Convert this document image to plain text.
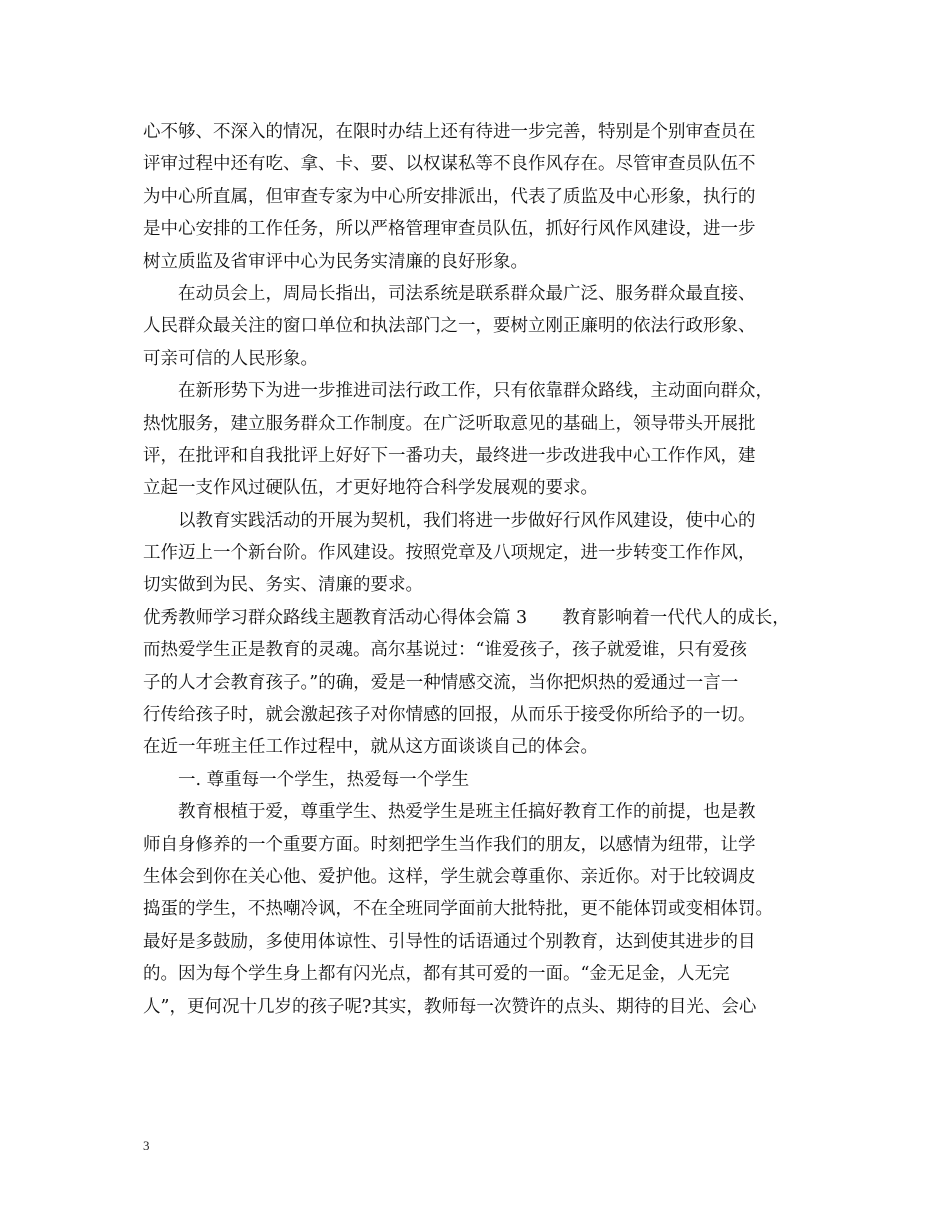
心不够、不深入的情况，在限时办结上还有待进一步完善，特别是个别审查员在
评审过程中还有吃、拿、卡、要、以权谋私等不良作风存在。尽管审查员队伍不
为中心所直属，但审查专家为中心所安排派出，代表了质监及中心形象，执行的
是中心安排的工作任务，所以严格管理审查员队伍，抓好行风作风建设，进一步
树立质监及省审评中心为民务实清廉的良好形象。
在动员会上，周局长指出，司法系统是联系群众最广泛、服务群众最直接、
人民群众最关注的窗口单位和执法部门之一，要树立刚正廉明的依法行政形象、
可亲可信的人民形象。
在新形势下为进一步推进司法行政工作，只有依靠群众路线，主动面向群众，
热忱服务，建立服务群众工作制度。在广泛听取意见的基础上，领导带头开展批
评，在批评和自我批评上好好下一番功夫，最终进一步改进我中心工作作风，建
立起一支作风过硬队伍，才更好地符合科学发展观的要求。
以教育实践活动的开展为契机，我们将进一步做好行风作风建设，使中心的
工作迈上一个新台阶。作风建设。按照党章及八项规定，进一步转变工作作风，
切实做到为民、务实、清廉的要求。
优秀教师学习群众路线主题教育活动心得体会篇 3　　教育影响着一代代人的成长，
而热爱学生正是教育的灵魂。高尔基说过：“谁爱孩子，孩子就爱谁，只有爱孩
子的人才会教育孩子。”的确，爱是一种情感交流，当你把炽热的爱通过一言一
行传给孩子时，就会激起孩子对你情感的回报，从而乐于接受你所给予的一切。
在近一年班主任工作过程中，就从这方面谈谈自己的体会。
一. 尊重每一个学生，热爱每一个学生
教育根植于爱，尊重学生、热爱学生是班主任搞好教育工作的前提，也是教
师自身修养的一个重要方面。时刻把学生当作我们的朋友，以感情为纽带，让学
生体会到你在关心他、爱护他。这样，学生就会尊重你、亲近你。对于比较调皮
捣蛋的学生，不热嘲冷讽，不在全班同学面前大批特批，更不能体罚或变相体罚。
最好是多鼓励，多使用体谅性、引导性的话语通过个别教育，达到使其进步的目
的。因为每个学生身上都有闪光点，都有其可爱的一面。“金无足金，人无完
人”，更何况十几岁的孩子呢?其实，教师每一次赞许的点头、期待的目光、会心
3
